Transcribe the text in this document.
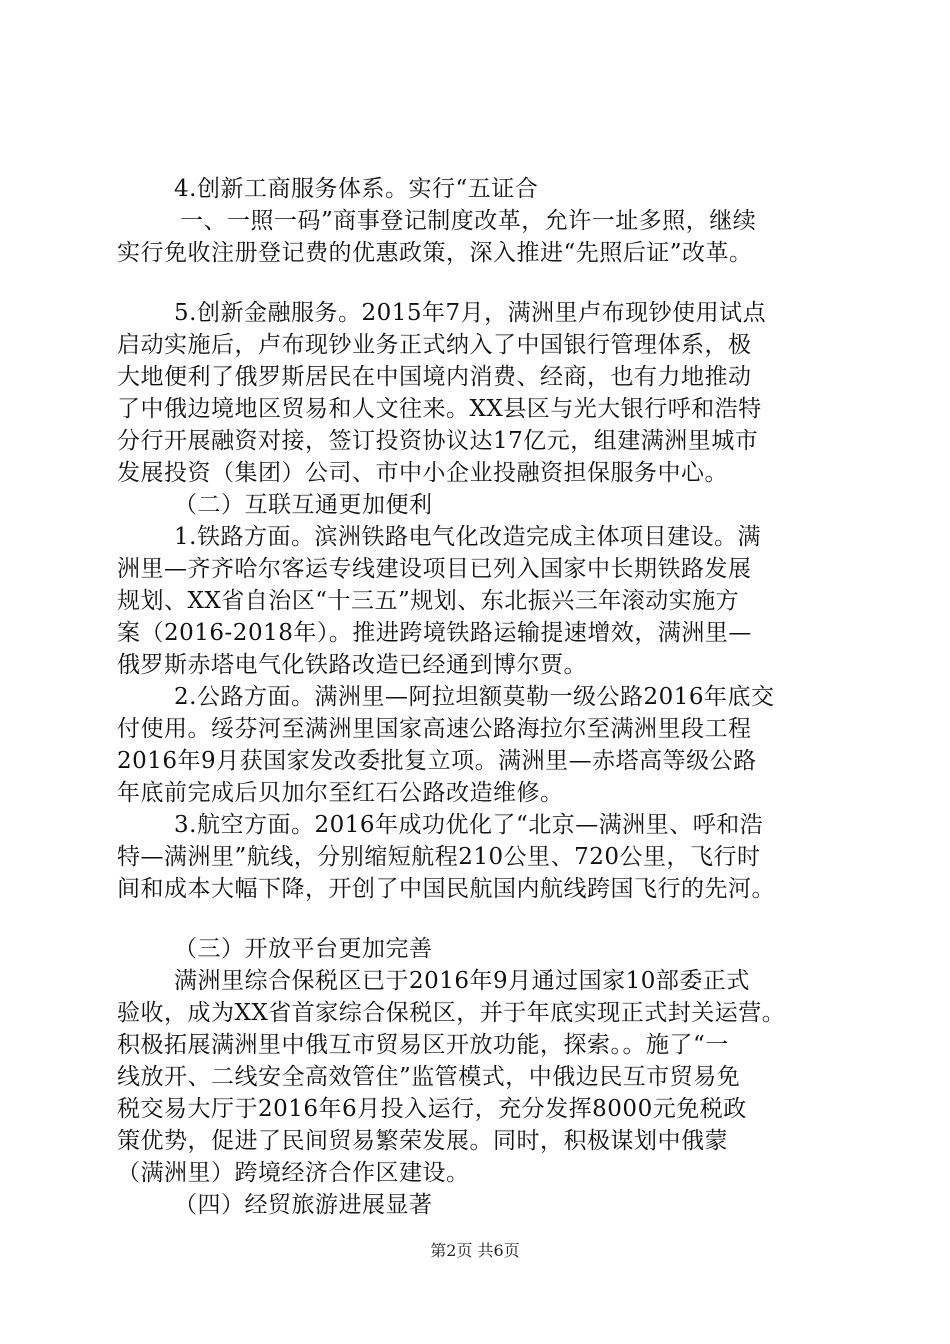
4.创新工商服务体系。实行“五证合
一、一照一码”商事登记制度改革，允许一址多照，继续
实行免收注册登记费的优惠政策，深入推进“先照后证”改革。
5.创新金融服务。2015年7月，满洲里卢布现钞使用试点
启动实施后，卢布现钞业务正式纳入了中国银行管理体系，极
大地便利了俄罗斯居民在中国境内消费、经商，也有力地推动
了中俄边境地区贸易和人文往来。XX县区与光大银行呼和浩特
分行开展融资对接，签订投资协议达17亿元，组建满洲里城市
发展投资（集团）公司、市中小企业投融资担保服务中心。
（二）互联互通更加便利
1.铁路方面。滨洲铁路电气化改造完成主体项目建设。满
洲里—齐齐哈尔客运专线建设项目已列入国家中长期铁路发展
规划、XX省自治区“十三五”规划、东北振兴三年滚动实施方
案（2016-2018年）。推进跨境铁路运输提速增效，满洲里—
俄罗斯赤塔电气化铁路改造已经通到博尔贾。
2.公路方面。满洲里—阿拉坦额莫勒一级公路2016年底交
付使用。绥芬河至满洲里国家高速公路海拉尔至满洲里段工程
2016年9月获国家发改委批复立项。满洲里—赤塔高等级公路
年底前完成后贝加尔至红石公路改造维修。
3.航空方面。2016年成功优化了“北京—满洲里、呼和浩
特—满洲里”航线，分别缩短航程210公里、720公里，飞行时
间和成本大幅下降，开创了中国民航国内航线跨国飞行的先河。
（三）开放平台更加完善
满洲里综合保税区已于2016年9月通过国家10部委正式
验收，成为XX省首家综合保税区，并于年底实现正式封关运营。
积极拓展满洲里中俄互市贸易区开放功能，探索。。施了“一
线放开、二线安全高效管住”监管模式，中俄边民互市贸易免
税交易大厅于2016年6月投入运行，充分发挥8000元免税政
策优势，促进了民间贸易繁荣发展。同时，积极谋划中俄蒙
（满洲里）跨境经济合作区建设。
（四）经贸旅游进展显著
第2页 共6页
